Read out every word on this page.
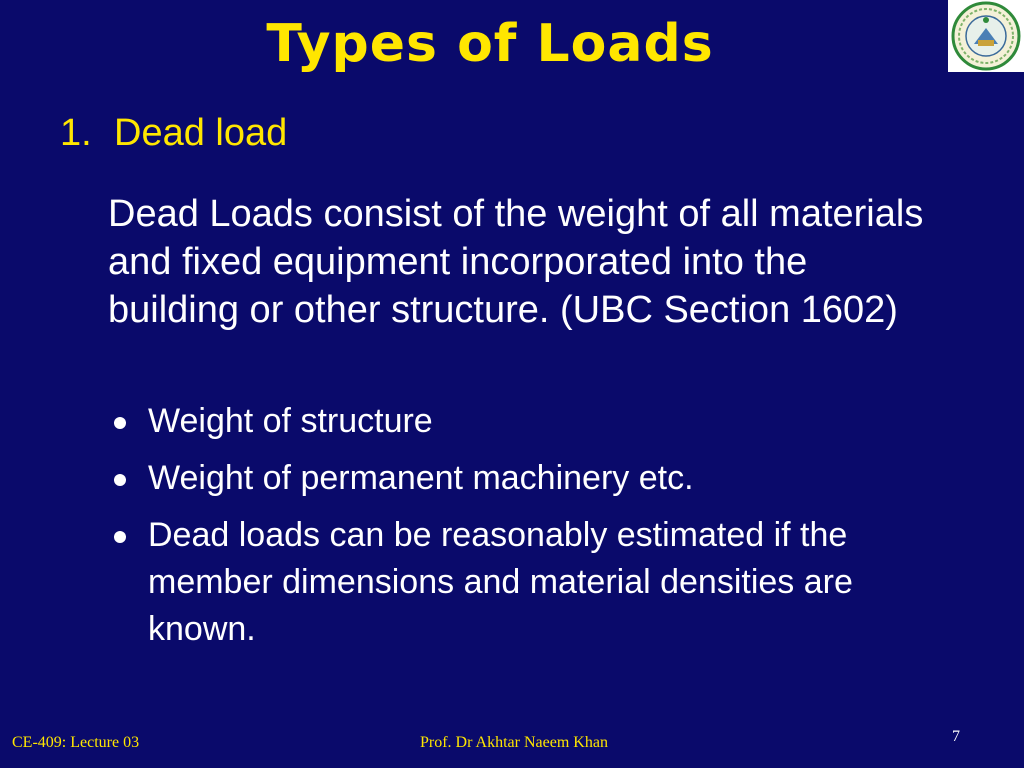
Types of Loads
1. Dead load
Dead Loads consist of the weight of all materials and fixed equipment incorporated into the building or other structure. (UBC Section 1602)
Weight of structure
Weight of permanent machinery etc.
Dead loads can be reasonably estimated if the member dimensions and material densities are known.
CE-409: Lecture 03	Prof. Dr Akhtar Naeem Khan	7
